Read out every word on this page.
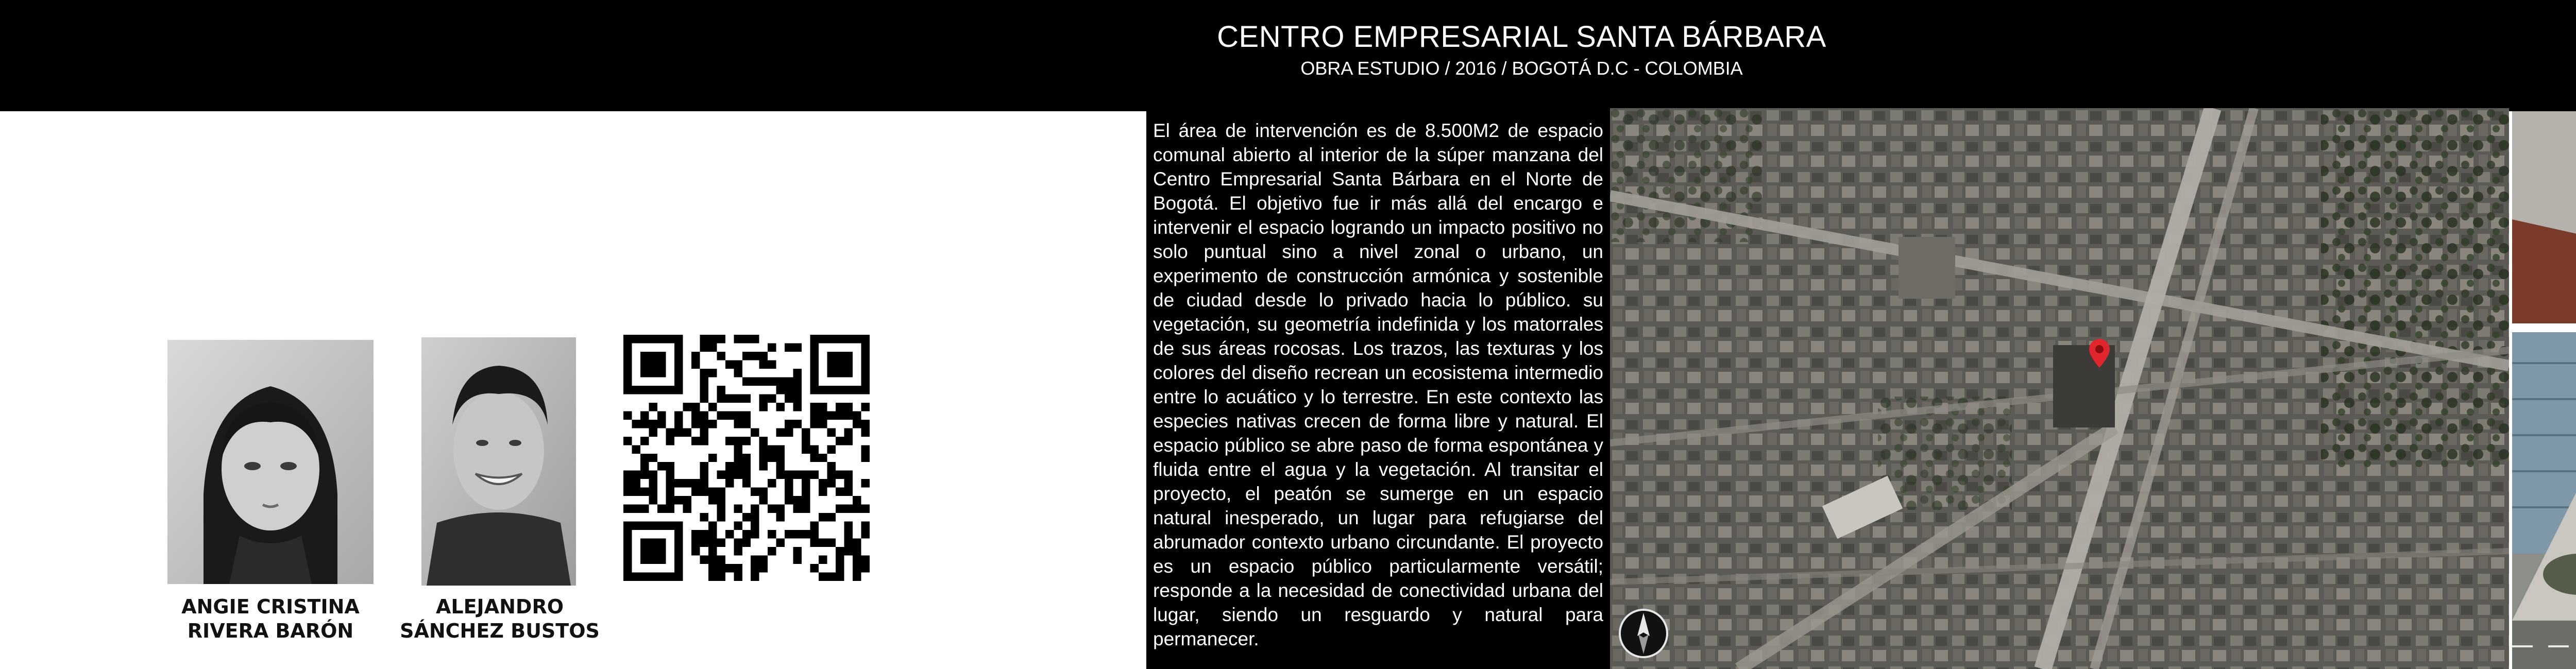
CENTRO EMPRESARIAL SANTA BÁRBARA
OBRA ESTUDIO / 2016 / BOGOTÁ D.C - COLOMBIA
ANGIE CRISTINA
RIVERA BARÓN
ALEJANDRO
SÁNCHEZ BUSTOS

El área de intervención es de 8.500M2 de espacio comunal abierto al interior de la súper manzana del Centro Empresarial Santa Bárbara en el Norte de Bogotá. El objetivo fue ir más allá del encargo e intervenir el espacio logrando un impacto positivo no solo puntual sino a nivel zonal o urbano, un experimento de construcción armónica y sostenible de ciudad desde lo privado hacia lo público. su vegetación, su geometría indefinida y los matorrales de sus áreas rocosas. Los trazos, las texturas y los colores del diseño recrean un ecosistema intermedio entre lo acuático y lo terrestre. En este contexto las especies nativas crecen de forma libre y natural. El espacio público se abre paso de forma espontánea y fluida entre el agua y la vegetación. Al transitar el proyecto, el peatón se sumerge en un espacio natural inesperado, un lugar para refugiarse del abrumador contexto urbano circundante. El proyecto es un espacio público particularmente versátil; responde a la necesidad de conectividad urbana del lugar, siendo un resguardo y natural para permanecer.
